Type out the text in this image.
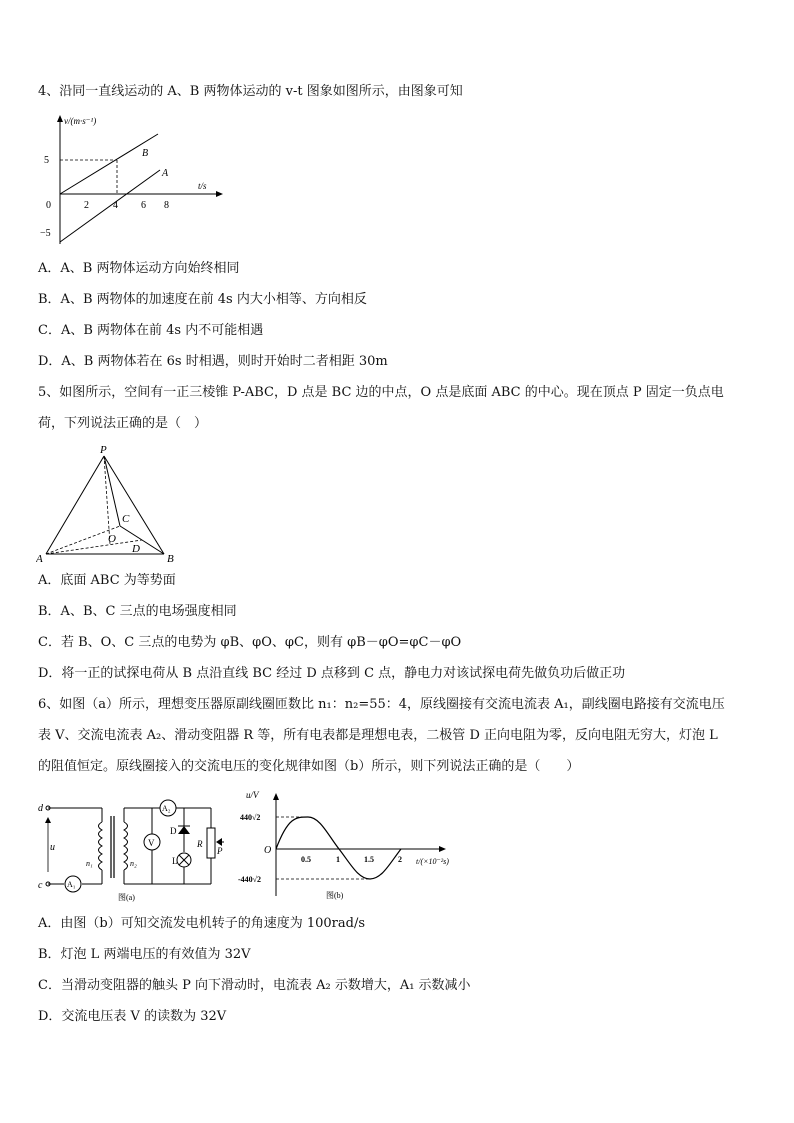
4、沿同一直线运动的 A、B 两物体运动的 v-t 图象如图所示，由图象可知
v/(m·s⁻¹)
t/s
5
−5
0	2 4 6 8
B
A
A．A、B 两物体运动方向始终相同
B．A、B 两物体的加速度在前 4s 内大小相等、方向相反
C．A、B 两物体在前 4s 内不可能相遇
D．A、B 两物体若在 6s 时相遇，则时开始时二者相距 30m
5、如图所示，空间有一正三棱锥 P-ABC，D 点是 BC 边的中点，O 点是底面 ABC 的中心。现在顶点 P 固定一负点电
荷，下列说法正确的是（　）
P
A	B
C
O
D
A．底面 ABC 为等势面
B．A、B、C 三点的电场强度相同
C．若 B、O、C 三点的电势为 φB、φO、φC，则有 φB－φO=φC－φO
D．将一正的试探电荷从 B 点沿直线 BC 经过 D 点移到 C 点，静电力对该试探电荷先做负功后做正功
6、如图（a）所示，理想变压器原副线圈匝数比 n₁：n₂=55：4，原线圈接有交流电流表 A₁，副线圈电路接有交流电压
表 V、交流电流表 A₂、滑动变阻器 R 等，所有电表都是理想电表，二极管 D 正向电阻为零，反向电阻无穷大，灯泡 L
的阻值恒定。原线圈接入的交流电压的变化规律如图（b）所示，则下列说法正确的是（　　）
d
c
u
n₁	n₂
A₁
A₂
V
D
L
R
P
图(a)
u/V
t/(×10⁻²s)
O
440√2
-440√2
0.5	1	1.5	2
图(b)
A．由图（b）可知交流发电机转子的角速度为 100rad/s
B．灯泡 L 两端电压的有效值为 32V
C．当滑动变阻器的触头 P 向下滑动时，电流表 A₂ 示数增大，A₁ 示数减小
D．交流电压表 V 的读数为 32V
